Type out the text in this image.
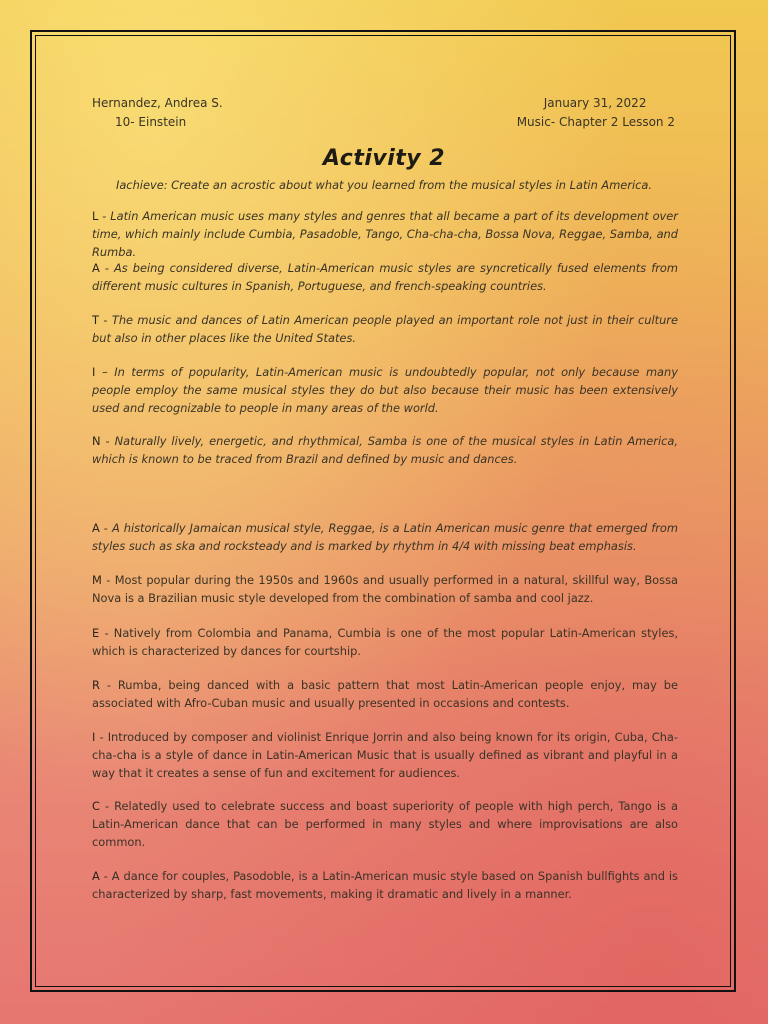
Hernandez, Andrea S.
10- Einstein
January 31, 2022
Music- Chapter 2 Lesson 2
Activity 2
Iachieve: Create an acrostic about what you learned from the musical styles in Latin America.
L - Latin American music uses many styles and genres that all became a part of its development over time, which mainly include Cumbia, Pasadoble, Tango, Cha-cha-cha, Bossa Nova, Reggae, Samba, and Rumba.
A - As being considered diverse, Latin-American music styles are syncretically fused elements from different music cultures in Spanish, Portuguese, and french-speaking countries.
T - The music and dances of Latin American people played an important role not just in their culture but also in other places like the United States.
I – In terms of popularity, Latin-American music is undoubtedly popular, not only because many people employ the same musical styles they do but also because their music has been extensively used and recognizable to people in many areas of the world.
N - Naturally lively, energetic, and rhythmical, Samba is one of the musical styles in Latin America, which is known to be traced from Brazil and defined by music and dances.
A - A historically Jamaican musical style, Reggae, is a Latin American music genre that emerged from styles such as ska and rocksteady and is marked by rhythm in 4/4 with missing beat emphasis.
M - Most popular during the 1950s and 1960s and usually performed in a natural, skillful way, Bossa Nova is a Brazilian music style developed from the combination of samba and cool jazz.
E - Natively from Colombia and Panama, Cumbia is one of the most popular Latin-American styles, which is characterized by dances for courtship.
R - Rumba, being danced with a basic pattern that most Latin-American people enjoy, may be associated with Afro-Cuban music and usually presented in occasions and contests.
I - Introduced by composer and violinist Enrique Jorrin and also being known for its origin, Cuba, Cha-cha-cha is a style of dance in Latin-American Music that is usually defined as vibrant and playful in a way that it creates a sense of fun and excitement for audiences.
C - Relatedly used to celebrate success and boast superiority of people with high perch, Tango is a Latin-American dance that can be performed in many styles and where improvisations are also common.
A - A dance for couples, Pasodoble, is a Latin-American music style based on Spanish bullfights and is characterized by sharp, fast movements, making it dramatic and lively in a manner.
